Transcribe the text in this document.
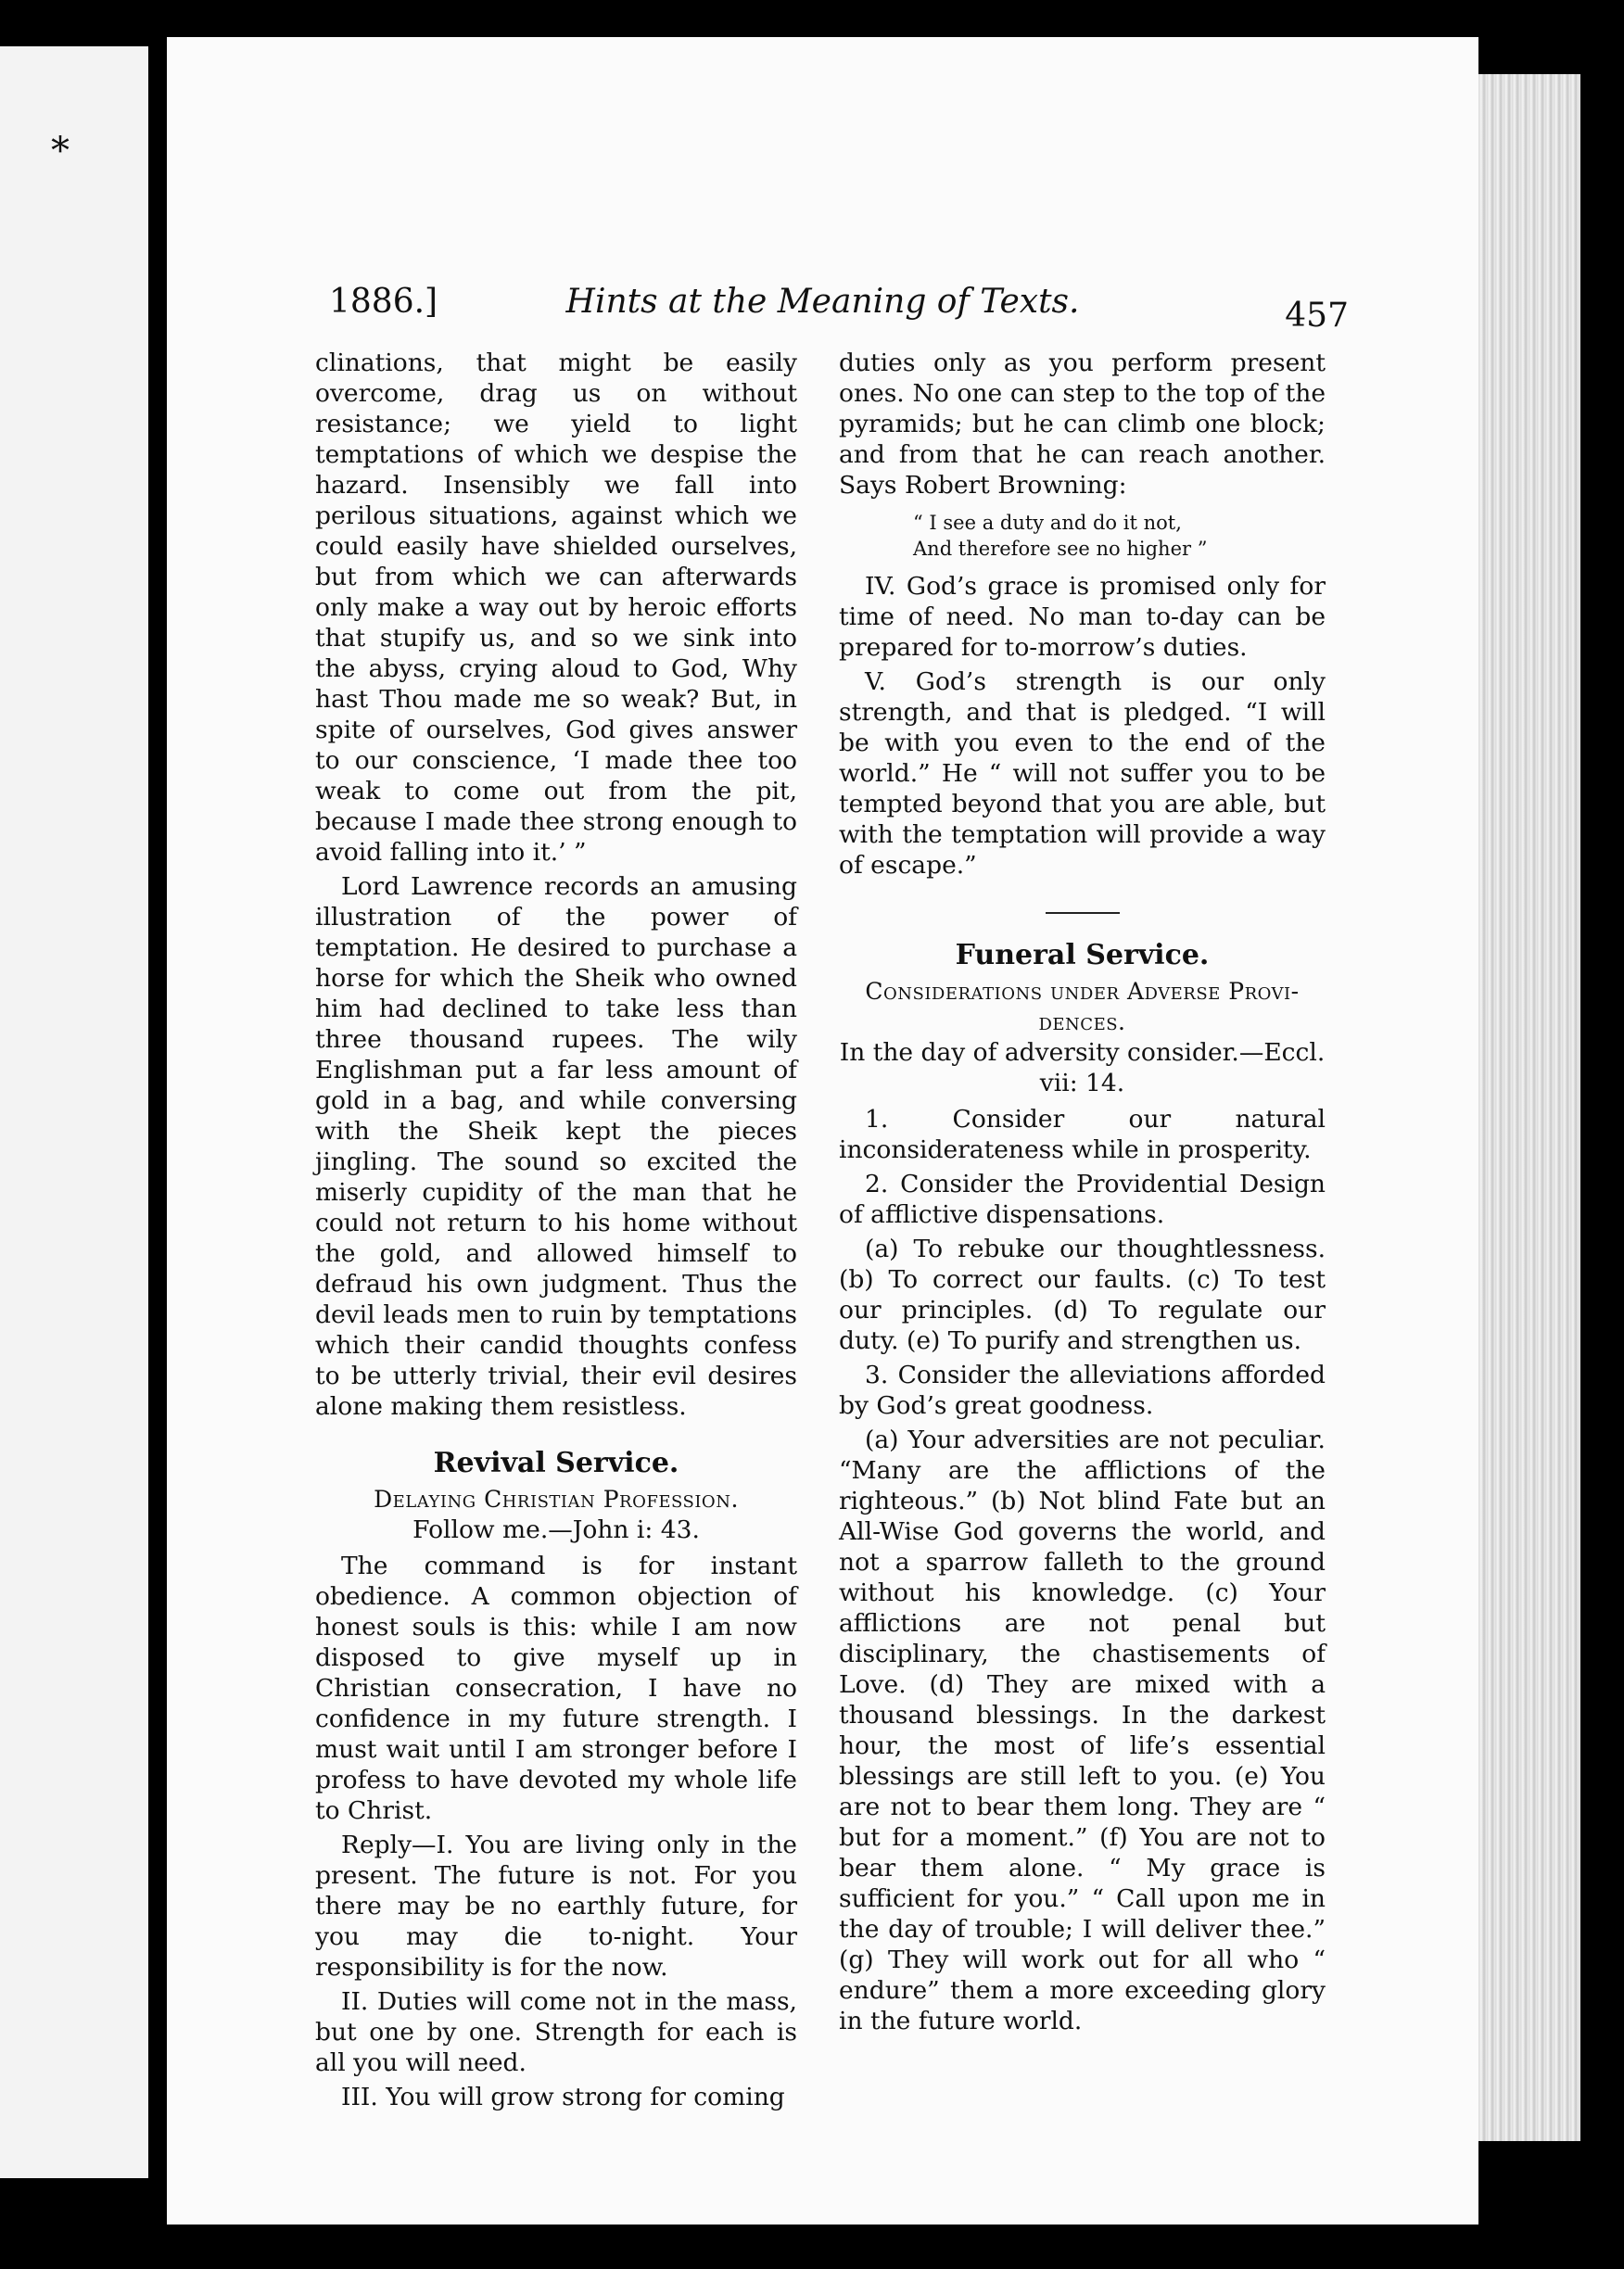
*
1886.]	Hints at the Meaning of Texts.	457

clinations, that might be easily overcome, drag us on without resistance; we yield to light temptations of which we despise the hazard. Insensibly we fall into perilous situations, against which we could easily have shielded ourselves, but from which we can afterwards only make a way out by heroic efforts that stupify us, and so we sink into the abyss, crying aloud to God, Why hast Thou made me so weak? But, in spite of ourselves, God gives answer to our conscience, ‘I made thee too weak to come out from the pit, because I made thee strong enough to avoid falling into it.’ ”

Lord Lawrence records an amusing illustration of the power of temptation. He desired to purchase a horse for which the Sheik who owned him had declined to take less than three thousand rupees. The wily Englishman put a far less amount of gold in a bag, and while conversing with the Sheik kept the pieces jingling. The sound so excited the miserly cupidity of the man that he could not return to his home without the gold, and allowed himself to defraud his own judgment. Thus the devil leads men to ruin by temptations which their candid thoughts confess to be utterly trivial, their evil desires alone making them resistless.

Revival Service.

Delaying Christian Profession.

Follow me.—John i: 43.

The command is for instant obedience. A common objection of honest souls is this: while I am now disposed to give myself up in Christian consecration, I have no confidence in my future strength. I must wait until I am stronger before I profess to have devoted my whole life to Christ.

Reply—I. You are living only in the present. The future is not. For you there may be no earthly future, for you may die to-night. Your responsibility is for the now.

II. Duties will come not in the mass, but one by one. Strength for each is all you will need.

III. You will grow strong for coming

duties only as you perform present ones. No one can step to the top of the pyramids; but he can climb one block; and from that he can reach another. Says Robert Browning:

“ I see a duty and do it not,
And therefore see no higher ”

IV. God’s grace is promised only for time of need. No man to-day can be prepared for to-morrow’s duties.

V. God’s strength is our only strength, and that is pledged. “I will be with you even to the end of the world.” He “ will not suffer you to be tempted beyond that you are able, but with the temptation will provide a way of escape.”

Funeral Service.

Considerations under Adverse Provi-

dences.

In the day of adversity consider.—Eccl. vii: 14.

1. Consider our natural inconsiderateness while in prosperity.

2. Consider the Providential Design of afflictive dispensations.

(a) To rebuke our thoughtlessness. (b) To correct our faults. (c) To test our principles. (d) To regulate our duty. (e) To purify and strengthen us.

3. Consider the alleviations afforded by God’s great goodness.

(a) Your adversities are not peculiar. “Many are the afflictions of the righteous.” (b) Not blind Fate but an All-Wise God governs the world, and not a sparrow falleth to the ground without his knowledge. (c) Your afflictions are not penal but disciplinary, the chastisements of Love. (d) They are mixed with a thousand blessings. In the darkest hour, the most of life’s essential blessings are still left to you. (e) You are not to bear them long. They are “ but for a moment.” (f) You are not to bear them alone. “ My grace is sufficient for you.” “ Call upon me in the day of trouble; I will deliver thee.” (g) They will work out for all who “ endure” them a more exceeding glory in the future world.
